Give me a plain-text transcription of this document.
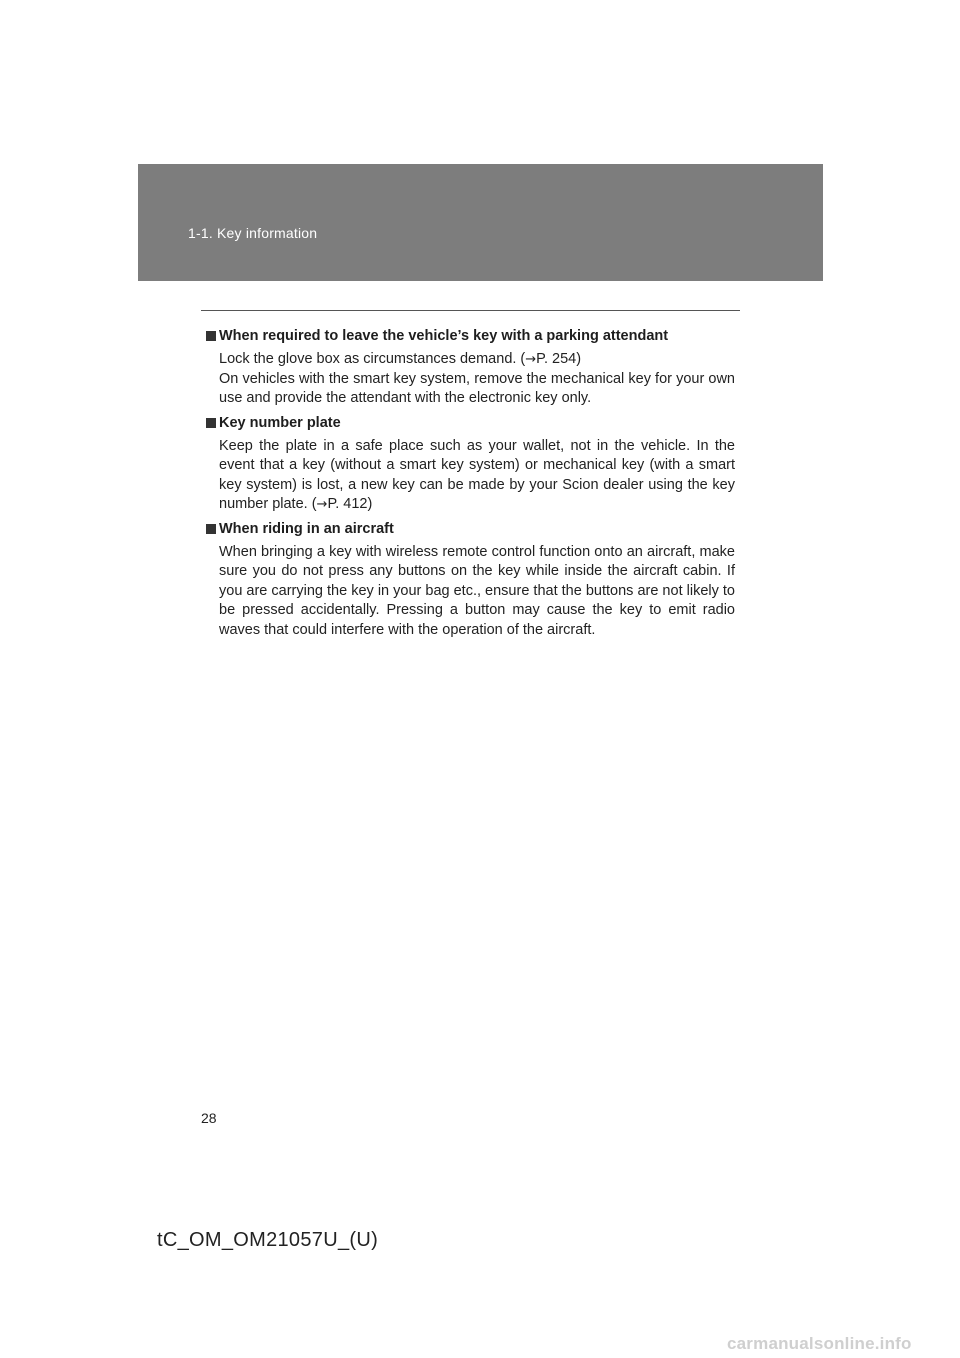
1-1. Key information
When required to leave the vehicle’s key with a parking attendant

Lock the glove box as circumstances demand. (→P. 254)

On vehicles with the smart key system, remove the mechanical key for your own use and provide the attendant with the electronic key only.

Key number plate

Keep the plate in a safe place such as your wallet, not in the vehicle. In the event that a key (without a smart key system) or mechanical key (with a smart key system) is lost, a new key can be made by your Scion dealer using the key number plate. (→P. 412)

When riding in an aircraft

When bringing a key with wireless remote control function onto an aircraft, make sure you do not press any buttons on the key while inside the aircraft cabin. If you are carrying the key in your bag etc., ensure that the buttons are not likely to be pressed accidentally. Pressing a button may cause the key to emit radio waves that could interfere with the operation of the aircraft.

28
tC_OM_OM21057U_(U)
carmanualsonline.info
